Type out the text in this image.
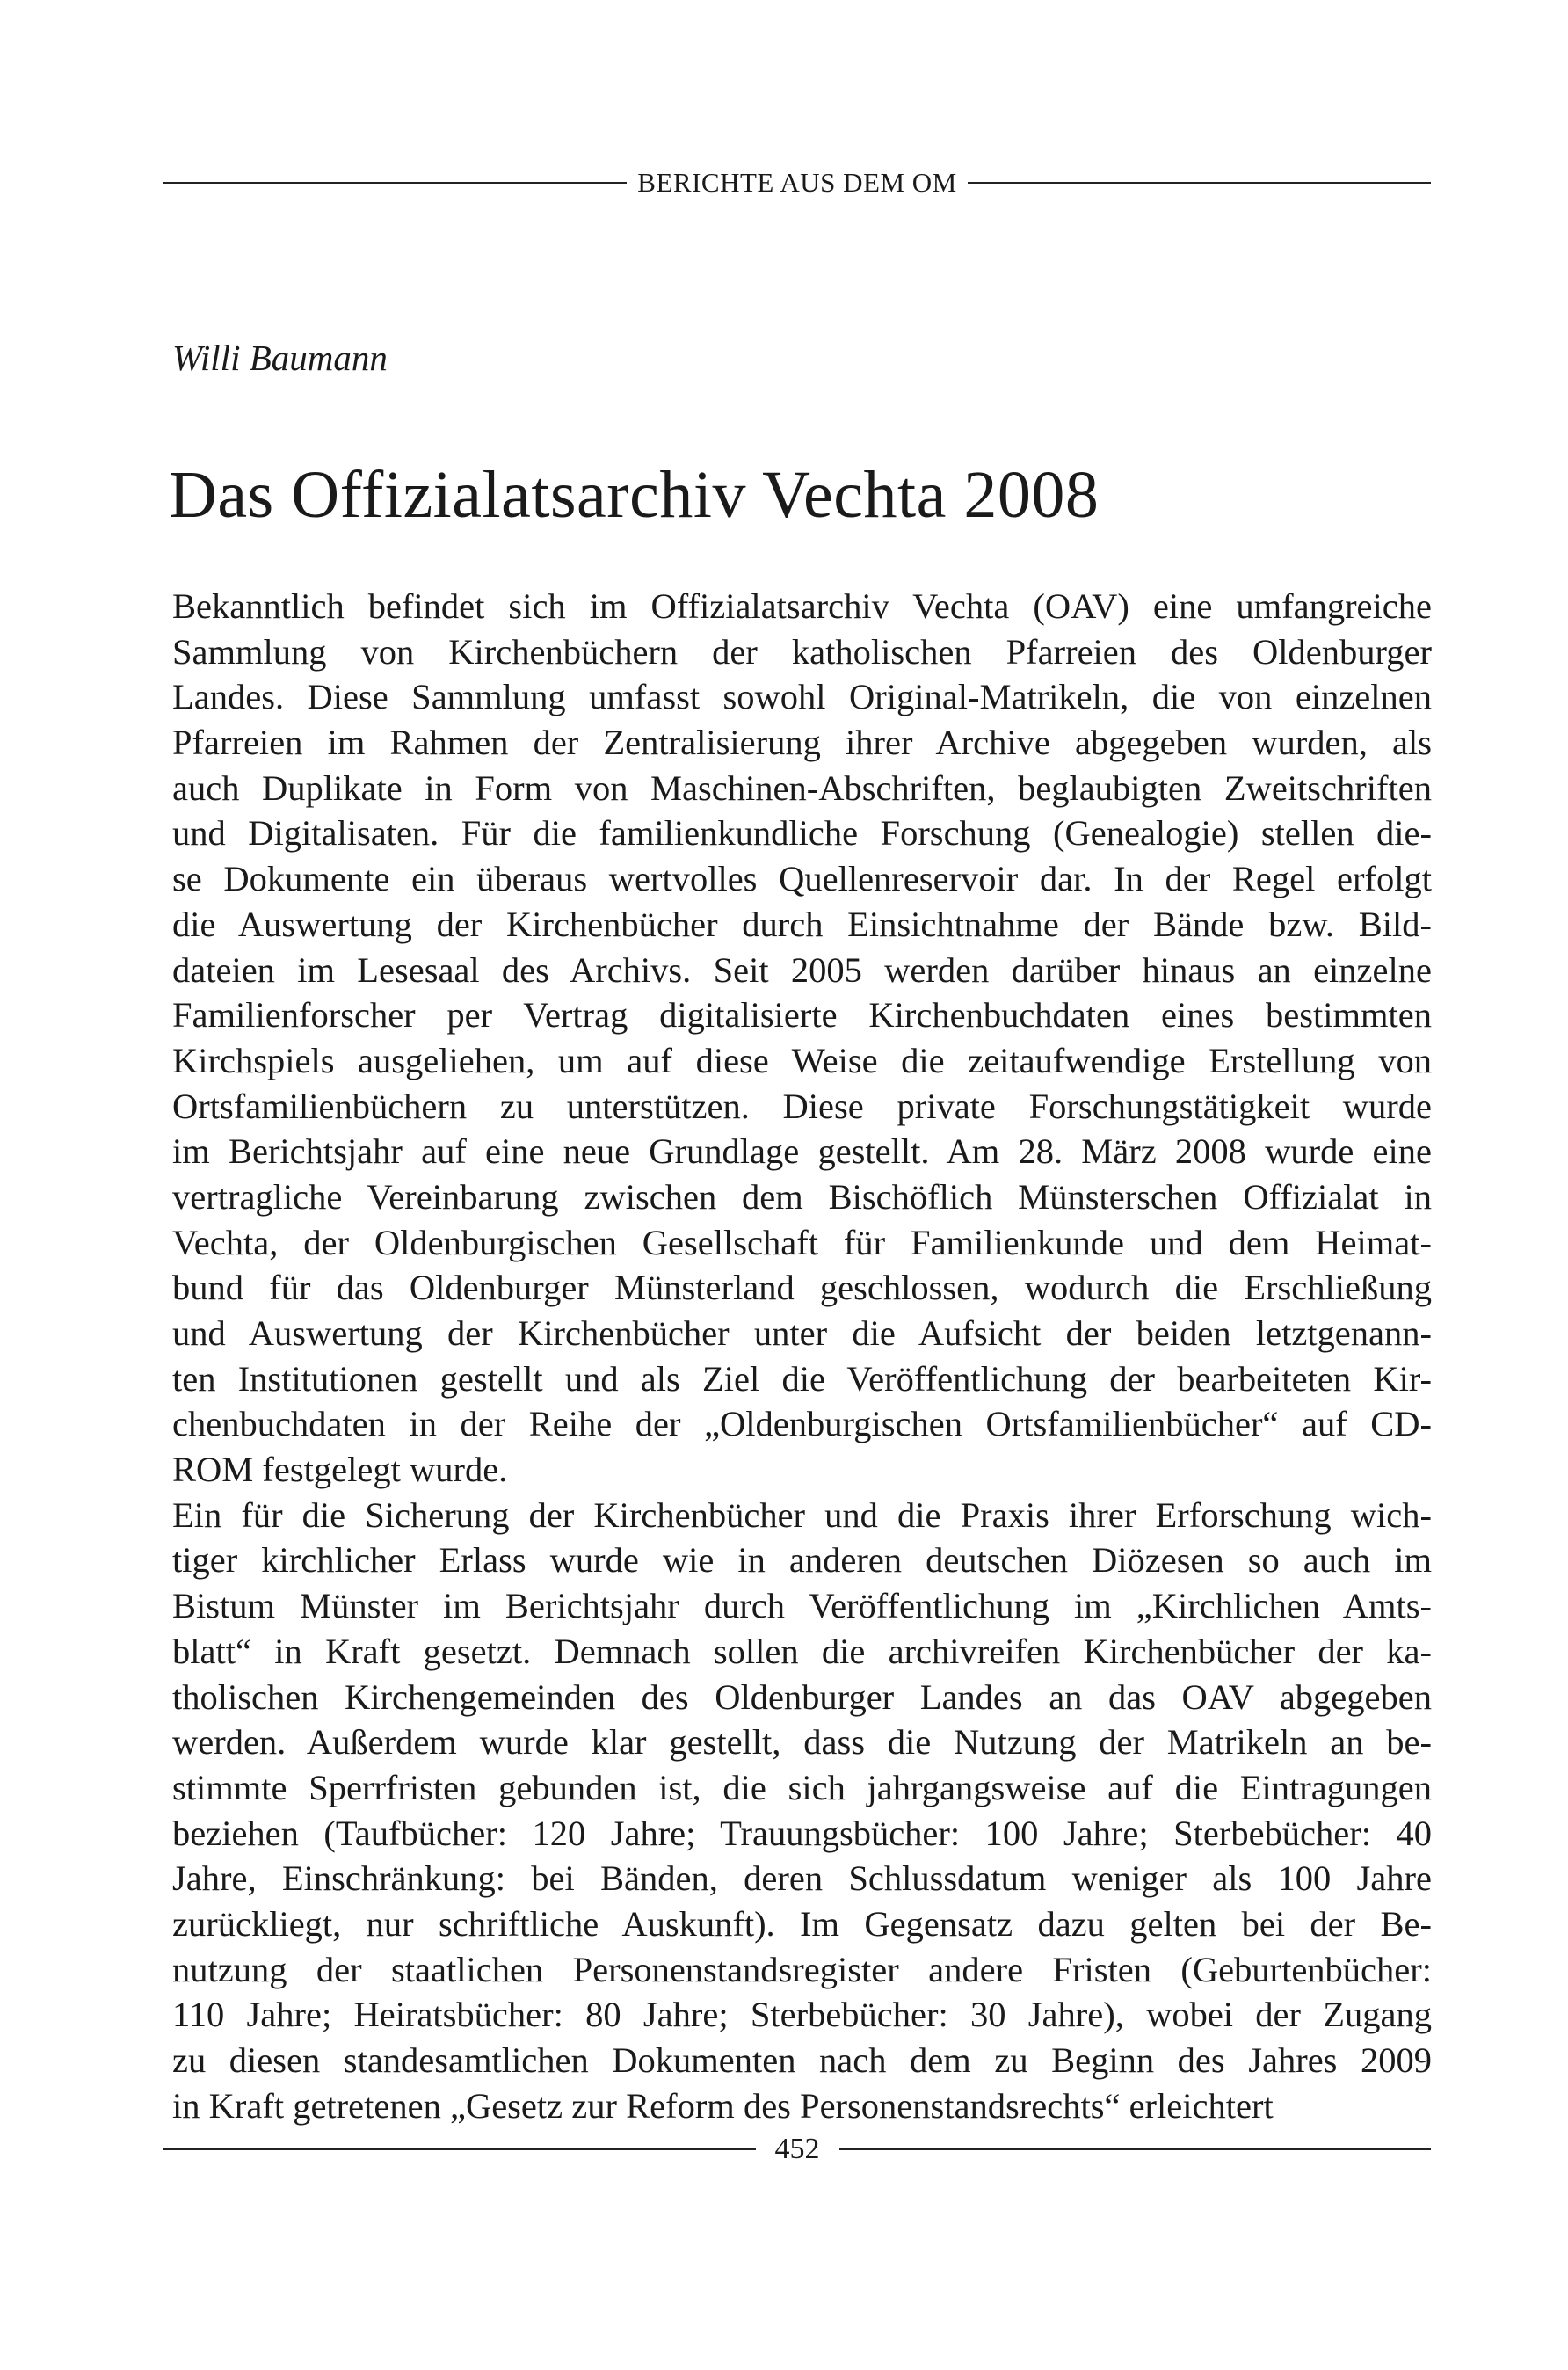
BERICHTE AUS DEM OM
Willi Baumann
Das Offizialatsarchiv Vechta 2008
Bekanntlich befindet sich im Offizialatsarchiv Vechta (OAV) eine umfangreiche
Sammlung von Kirchenbüchern der katholischen Pfarreien des Oldenburger
Landes. Diese Sammlung umfasst sowohl Original-Matrikeln, die von einzelnen
Pfarreien im Rahmen der Zentralisierung ihrer Archive abgegeben wurden, als
auch Duplikate in Form von Maschinen-Abschriften, beglaubigten Zweitschriften
und Digitalisaten. Für die familienkundliche Forschung (Genealogie) stellen die-
se Dokumente ein überaus wertvolles Quellenreservoir dar. In der Regel erfolgt
die Auswertung der Kirchenbücher durch Einsichtnahme der Bände bzw. Bild-
dateien im Lesesaal des Archivs. Seit 2005 werden darüber hinaus an einzelne
Familienforscher per Vertrag digitalisierte Kirchenbuchdaten eines bestimmten
Kirchspiels ausgeliehen, um auf diese Weise die zeitaufwendige Erstellung von
Ortsfamilienbüchern zu unterstützen. Diese private Forschungstätigkeit wurde
im Berichtsjahr auf eine neue Grundlage gestellt. Am 28. März 2008 wurde eine
vertragliche Vereinbarung zwischen dem Bischöflich Münsterschen Offizialat in
Vechta, der Oldenburgischen Gesellschaft für Familienkunde und dem Heimat-
bund für das Oldenburger Münsterland geschlossen, wodurch die Erschließung
und Auswertung der Kirchenbücher unter die Aufsicht der beiden letztgenann-
ten Institutionen gestellt und als Ziel die Veröffentlichung der bearbeiteten Kir-
chenbuchdaten in der Reihe der „Oldenburgischen Ortsfamilienbücher“ auf CD-
ROM festgelegt wurde.
Ein für die Sicherung der Kirchenbücher und die Praxis ihrer Erforschung wich-
tiger kirchlicher Erlass wurde wie in anderen deutschen Diözesen so auch im
Bistum Münster im Berichtsjahr durch Veröffentlichung im „Kirchlichen Amts-
blatt“ in Kraft gesetzt. Demnach sollen die archivreifen Kirchenbücher der ka-
tholischen Kirchengemeinden des Oldenburger Landes an das OAV abgegeben
werden. Außerdem wurde klar gestellt, dass die Nutzung der Matrikeln an be-
stimmte Sperrfristen gebunden ist, die sich jahrgangsweise auf die Eintragungen
beziehen (Taufbücher: 120 Jahre; Trauungsbücher: 100 Jahre; Sterbebücher: 40
Jahre, Einschränkung: bei Bänden, deren Schlussdatum weniger als 100 Jahre
zurückliegt, nur schriftliche Auskunft). Im Gegensatz dazu gelten bei der Be-
nutzung der staatlichen Personenstandsregister andere Fristen (Geburtenbücher:
110 Jahre; Heiratsbücher: 80 Jahre; Sterbebücher: 30 Jahre), wobei der Zugang
zu diesen standesamtlichen Dokumenten nach dem zu Beginn des Jahres 2009
in Kraft getretenen „Gesetz zur Reform des Personenstandsrechts“ erleichtert
452
